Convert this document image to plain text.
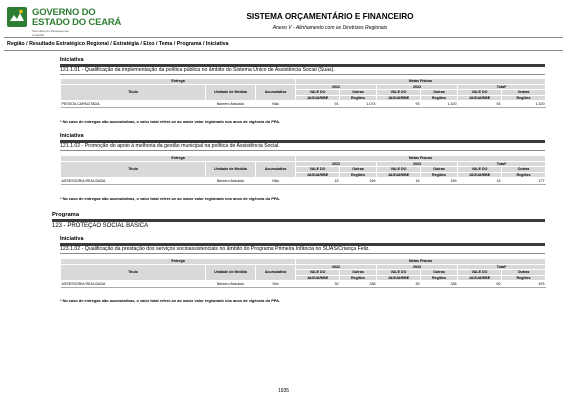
GOVERNO DO
ESTADO DO CEARÁ
Secretaria do Planejamento
e Gestão
SISTEMA ORÇAMENTÁRIO E FINANCEIRO
Anexo V - Alinhamento com as Diretrizes Regionais
Região / Resultado Estratégico Regional / Estratégia / Eixo / Tema / Programa / Iniciativa
Iniciativa
121.1.01 - Qualificação da implementação da política pública no âmbito do Sistema Único de Assistência Social (Suas).
Entrega			Metas Físicas					
Título	Unidade de Medida	Acumulativa	2022		2023		Total*	
			VALE DO	Outras	VALE DO	Outras	VALE DO	Outras
			JAGUARIBE	Regiões	JAGUARIBE	Regiões	JAGUARIBE	Regiões
PESSOA CAPACITADA	Número Absoluto	Não	91	1.074	93	1.100	93	1.100
* No caso de entregas não acumulativas, o valor total refere-se ao maior valor registrado nos anos de vigência do PPA.
Iniciativa
121.1.02 - Promoção do apoio à melhoria da gestão municipal na política de Assistência Social.
Entrega			Metas Físicas					
Título	Unidade de Medida	Acumulativa	2022		2023		Total*	
			VALE DO	Outras	VALE DO	Outras	VALE DO	Outras
			JAGUARIBE	Regiões	JAGUARIBE	Regiões	JAGUARIBE	Regiões
ASSESSORIA REALIZADA	Número Absoluto	Não	15	169	15	169	15	177
* No caso de entregas não acumulativas, o valor total refere-se ao maior valor registrado nos anos de vigência do PPA.
Programa
123 - PROTEÇÃO SOCIAL BÁSICA
Iniciativa
123.1.02 - Qualificação da prestação dos serviços socioassistenciais no âmbito do Programa Primeira Infância no SUAS/Criança Feliz.
Entrega			Metas Físicas					
Título	Unidade de Medida	Acumulativa	2022		2023		Total*	
			VALE DO	Outras	VALE DO	Outras	VALE DO	Outras
			JAGUARIBE	Regiões	JAGUARIBE	Regiões	JAGUARIBE	Regiões
ASSESSORIA REALIZADA	Número Absoluto	Sim	30	338	30	338	60	676
* No caso de entregas não acumulativas, o valor total refere-se ao maior valor registrado nos anos de vigência do PPA.
1935
